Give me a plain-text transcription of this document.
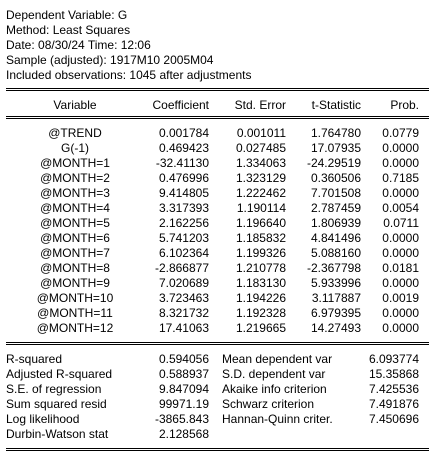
Dependent Variable: G
Method: Least Squares
Date: 08/30/24 Time: 12:06
Sample (adjusted): 1917M10 2005M04
Included observations: 1045 after adjustments
Variable	Coefficient	Std. Error	t-Statistic	Prob.
@TREND	0.001784	0.001011	1.764780	0.0779
G(-1)	0.469423	0.027485	17.07935	0.0000
@MONTH=1	-32.41130	1.334063	-24.29519	0.0000
@MONTH=2	0.476996	1.323129	0.360506	0.7185
@MONTH=3	9.414805	1.222462	7.701508	0.0000
@MONTH=4	3.317393	1.190114	2.787459	0.0054
@MONTH=5	2.162256	1.196640	1.806939	0.0711
@MONTH=6	5.741203	1.185832	4.841496	0.0000
@MONTH=7	6.102364	1.199326	5.088160	0.0000
@MONTH=8	-2.866877	1.210778	-2.367798	0.0181
@MONTH=9	7.020689	1.183130	5.933996	0.0000
@MONTH=10	3.723463	1.194226	3.117887	0.0019
@MONTH=11	8.321732	1.192328	6.979395	0.0000
@MONTH=12	17.41063	1.219665	14.27493	0.0000
R-squared	0.594056 Mean dependent var	6.093774
Adjusted R-squared	0.588937 S.D. dependent var	15.35868
S.E. of regression	9.847094 Akaike info criterion	7.425536
Sum squared resid	99971.19 Schwarz criterion	7.491876
Log likelihood	-3865.843 Hannan-Quinn criter.	7.450696
Durbin-Watson stat	2.128568
